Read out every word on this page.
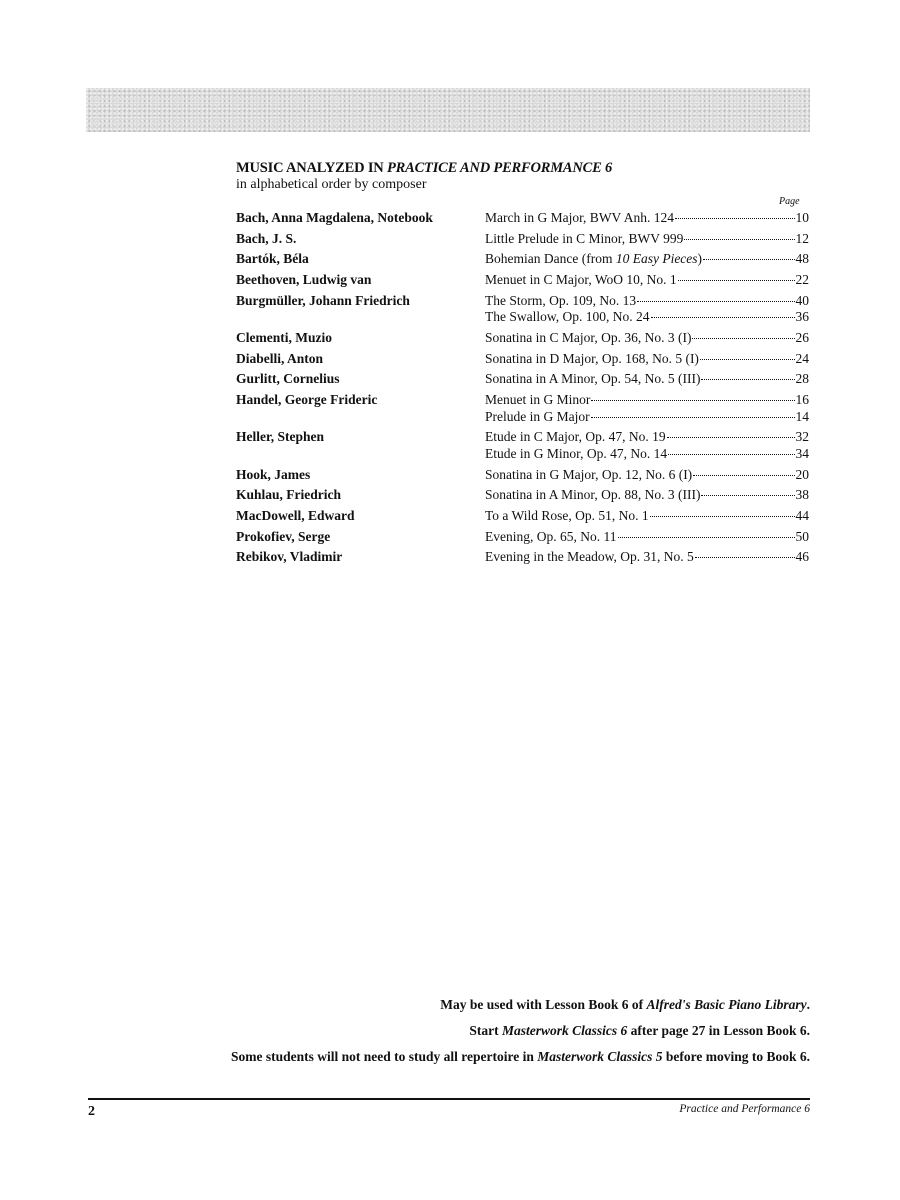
MUSIC ANALYZED IN PRACTICE AND PERFORMANCE 6
in alphabetical order by composer
Page
Bach, Anna Magdalena, Notebook	March in G Major, BWV Anh. 124	10
Bach, J. S.	Little Prelude in C Minor, BWV 999	12
Bartók, Béla	Bohemian Dance (from 10 Easy Pieces)	48
Beethoven, Ludwig van	Menuet in C Major, WoO 10, No. 1	22
Burgmüller, Johann Friedrich	The Storm, Op. 109, No. 13	40
The Swallow, Op. 100, No. 24	36
Clementi, Muzio	Sonatina in C Major, Op. 36, No. 3 (I)	26
Diabelli, Anton	Sonatina in D Major, Op. 168, No. 5 (I)	24
Gurlitt, Cornelius	Sonatina in A Minor, Op. 54, No. 5 (III)	28
Handel, George Frideric	Menuet in G Minor	16
Prelude in G Major	14
Heller, Stephen	Etude in C Major, Op. 47, No. 19	32
Etude in G Minor, Op. 47, No. 14	34
Hook, James	Sonatina in G Major, Op. 12, No. 6 (I)	20
Kuhlau, Friedrich	Sonatina in A Minor, Op. 88, No. 3 (III)	38
MacDowell, Edward	To a Wild Rose, Op. 51, No. 1	44
Prokofiev, Serge	Evening, Op. 65, No. 11	50
Rebikov, Vladimir	Evening in the Meadow, Op. 31, No. 5	46
May be used with Lesson Book 6 of Alfred's Basic Piano Library.
Start Masterwork Classics 6 after page 27 in Lesson Book 6.
Some students will not need to study all repertoire in Masterwork Classics 5 before moving to Book 6.
2	Practice and Performance 6
